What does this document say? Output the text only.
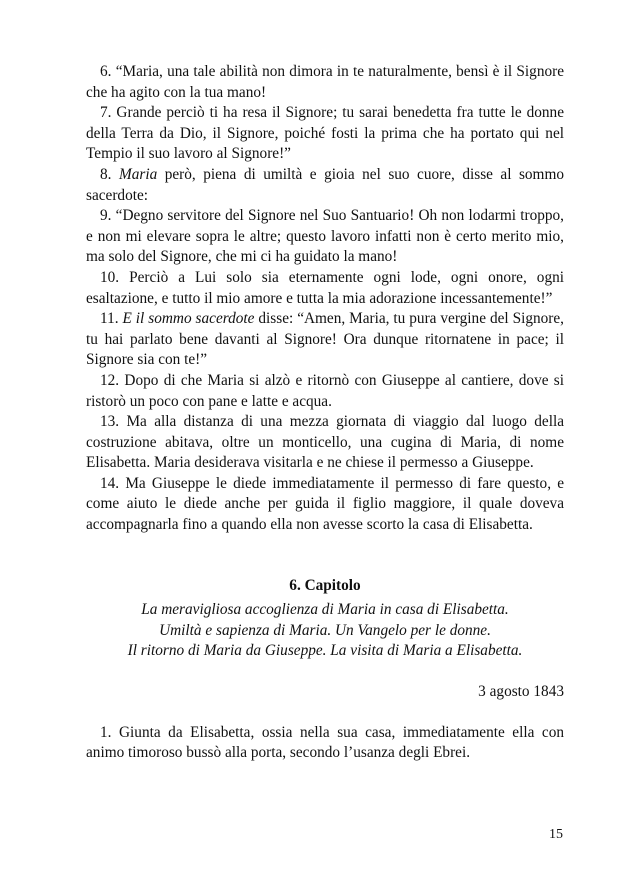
6. “Maria, una tale abilità non dimora in te naturalmente, bensì è il Signore che ha agito con la tua mano!

7. Grande perciò ti ha resa il Signore; tu sarai benedetta fra tutte le donne della Terra da Dio, il Signore, poiché fosti la prima che ha portato qui nel Tempio il suo lavoro al Signore!”

8. Maria però, piena di umiltà e gioia nel suo cuore, disse al sommo sacerdote:

9. “Degno servitore del Signore nel Suo Santuario! Oh non lodarmi troppo, e non mi elevare sopra le altre; questo lavoro infatti non è certo merito mio, ma solo del Signore, che mi ci ha guidato la mano!

10. Perciò a Lui solo sia eternamente ogni lode, ogni onore, ogni esaltazione, e tutto il mio amore e tutta la mia adorazione incessantemente!”

11. E il sommo sacerdote disse: “Amen, Maria, tu pura vergine del Signore, tu hai parlato bene davanti al Signore! Ora dunque ritornatene in pace; il Signore sia con te!”

12. Dopo di che Maria si alzò e ritornò con Giuseppe al cantiere, dove si ristorò un poco con pane e latte e acqua.

13. Ma alla distanza di una mezza giornata di viaggio dal luogo della costruzione abitava, oltre un monticello, una cugina di Maria, di nome Elisabetta. Maria desiderava visitarla e ne chiese il permesso a Giuseppe.

14. Ma Giuseppe le diede immediatamente il permesso di fare questo, e come aiuto le diede anche per guida il figlio maggiore, il quale doveva accompagnarla fino a quando ella non avesse scorto la casa di Elisabetta.

6. Capitolo

La meravigliosa accoglienza di Maria in casa di Elisabetta.

Umiltà e sapienza di Maria. Un Vangelo per le donne.

Il ritorno di Maria da Giuseppe. La visita di Maria a Elisabetta.

3 agosto 1843

1. Giunta da Elisabetta, ossia nella sua casa, immediatamente ella con animo timoroso bussò alla porta, secondo l’usanza degli Ebrei.

15
